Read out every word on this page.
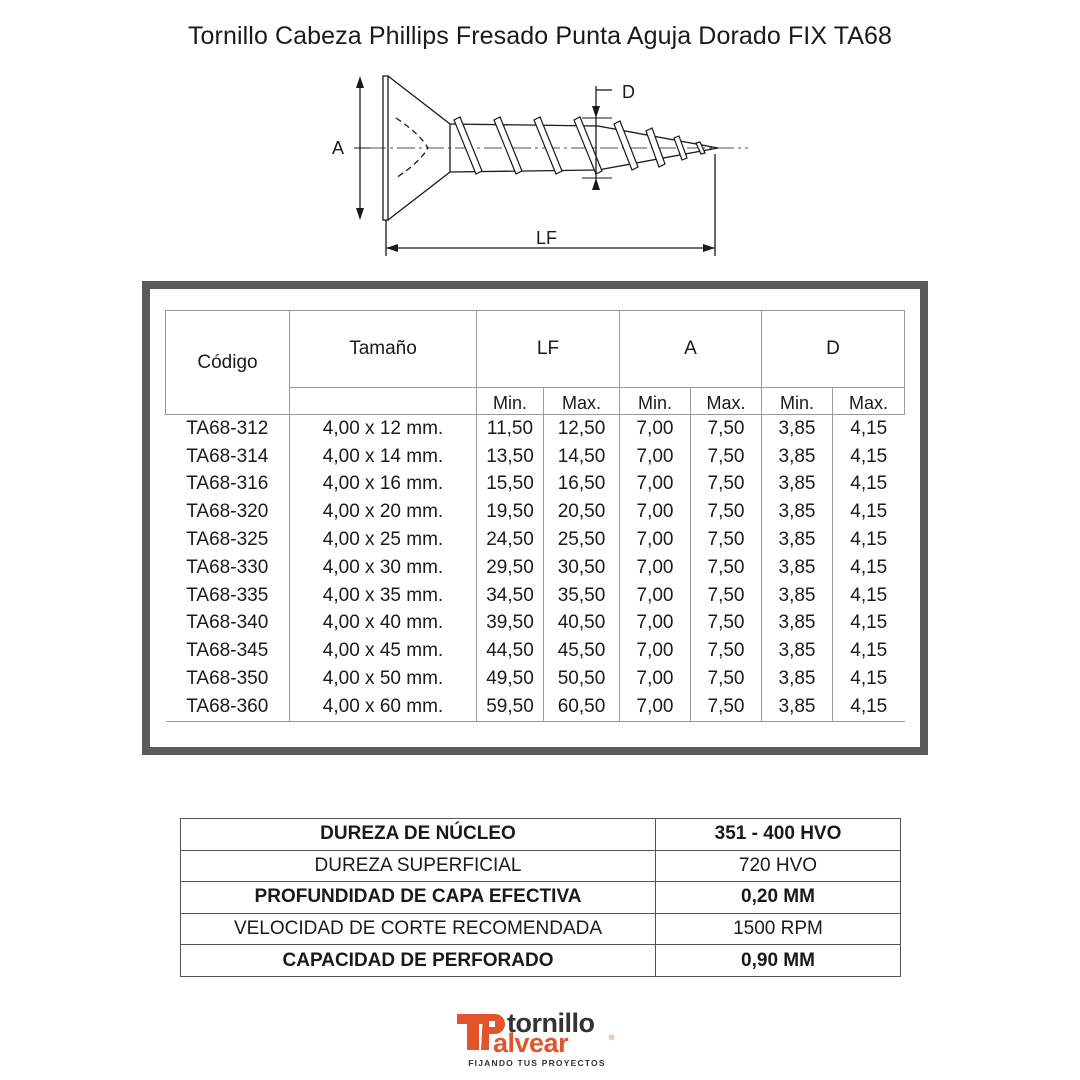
Tornillo Cabeza Phillips Fresado Punta Aguja Dorado FIX TA68
A
D
LF
Código	Tamaño	LF		A		D	
		Min.	Max.	Min.	Max.	Min.	Max.
TA68-312	4,00 x 12 mm.	11,50	12,50	7,00	7,50	3,85	4,15
TA68-314	4,00 x 14 mm.	13,50	14,50	7,00	7,50	3,85	4,15
TA68-316	4,00 x 16 mm.	15,50	16,50	7,00	7,50	3,85	4,15
TA68-320	4,00 x 20 mm.	19,50	20,50	7,00	7,50	3,85	4,15
TA68-325	4,00 x 25 mm.	24,50	25,50	7,00	7,50	3,85	4,15
TA68-330	4,00 x 30 mm.	29,50	30,50	7,00	7,50	3,85	4,15
TA68-335	4,00 x 35 mm.	34,50	35,50	7,00	7,50	3,85	4,15
TA68-340	4,00 x 40 mm.	39,50	40,50	7,00	7,50	3,85	4,15
TA68-345	4,00 x 45 mm.	44,50	45,50	7,00	7,50	3,85	4,15
TA68-350	4,00 x 50 mm.	49,50	50,50	7,00	7,50	3,85	4,15
TA68-360	4,00 x 60 mm.	59,50	60,50	7,00	7,50	3,85	4,15
DUREZA DE NÚCLEO	351 - 400 HVO
DUREZA SUPERFICIAL	720 HVO
PROFUNDIDAD DE CAPA EFECTIVA	0,20 MM
VELOCIDAD DE CORTE RECOMENDADA	1500 RPM
CAPACIDAD DE PERFORADO	0,90 MM
tornillo
alvear	®
FIJANDO TUS PROYECTOS
